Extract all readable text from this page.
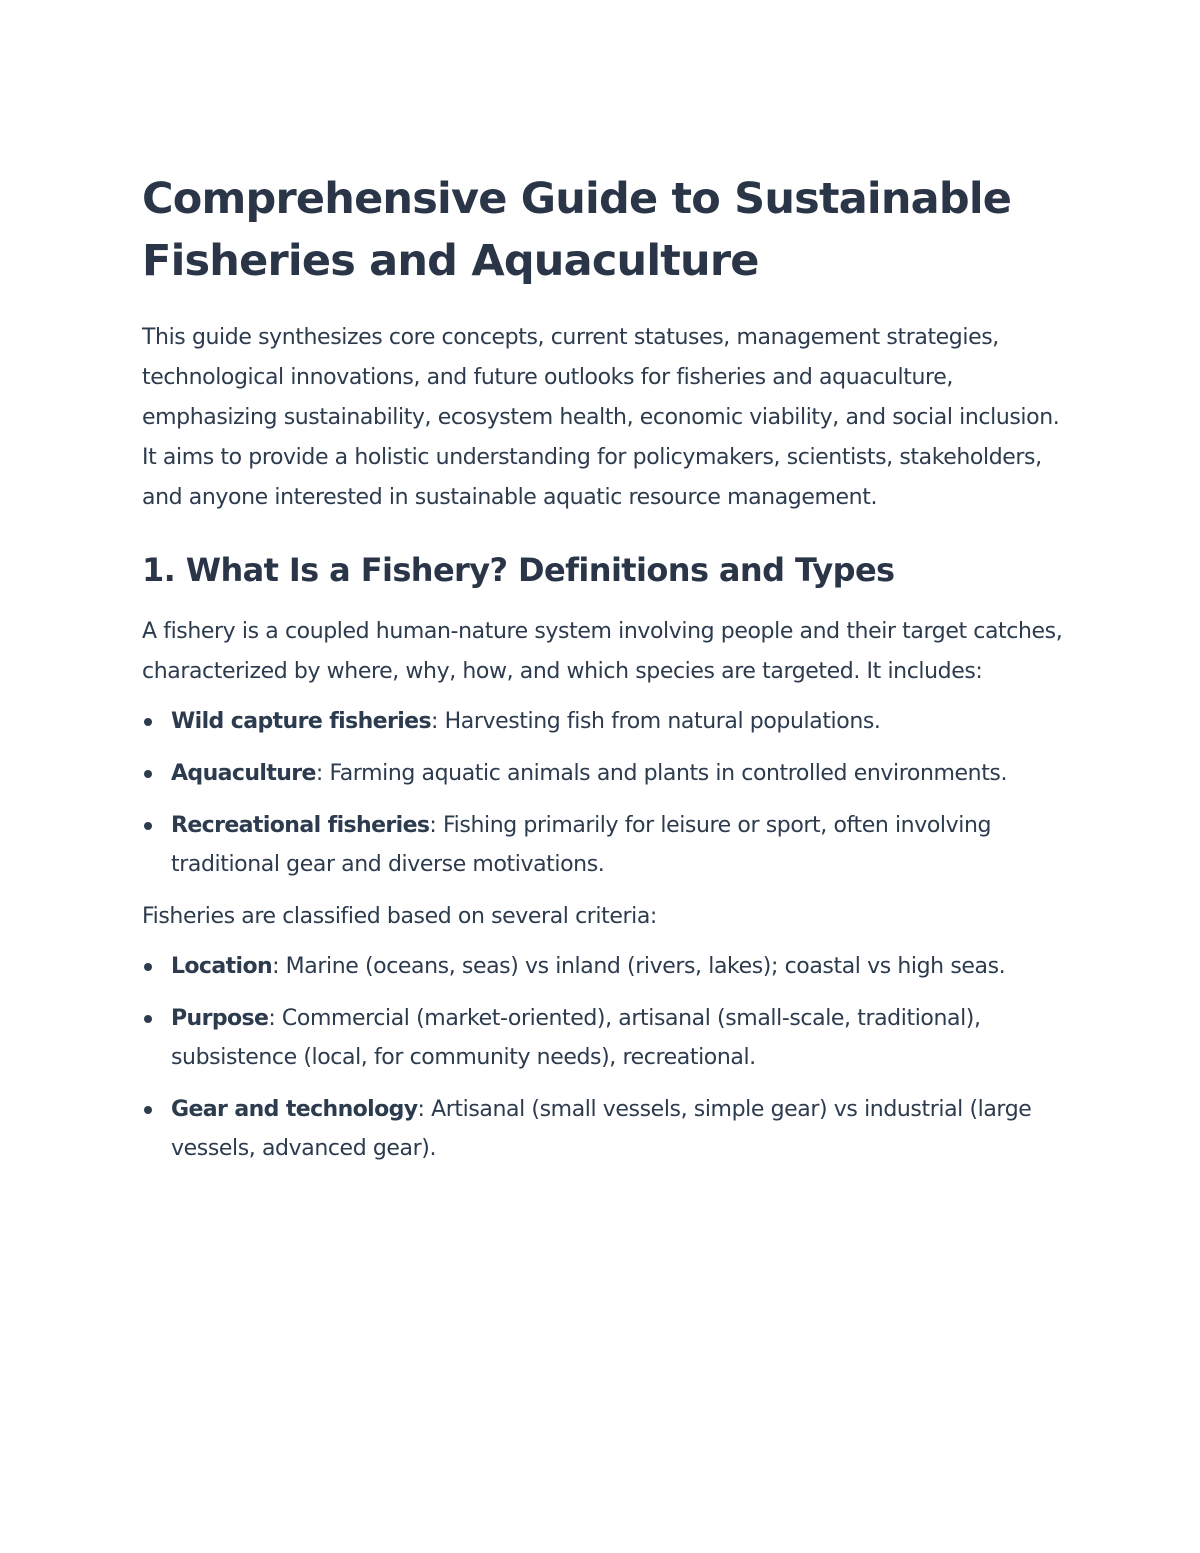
Comprehensive Guide to Sustainable Fisheries and Aquaculture

This guide synthesizes core concepts, current statuses, management strategies, technological innovations, and future outlooks for fisheries and aquaculture, emphasizing sustainability, ecosystem health, economic viability, and social inclusion. It aims to provide a holistic understanding for policymakers, scientists, stakeholders, and anyone interested in sustainable aquatic resource management.

1. What Is a Fishery? Definitions and Types

A fishery is a coupled human-nature system involving people and their target catches, characterized by where, why, how, and which species are targeted. It includes:

Wild capture fisheries: Harvesting fish from natural populations.
Aquaculture: Farming aquatic animals and plants in controlled environments.
Recreational fisheries: Fishing primarily for leisure or sport, often involving traditional gear and diverse motivations.

Fisheries are classified based on several criteria:

Location: Marine (oceans, seas) vs inland (rivers, lakes); coastal vs high seas.
Purpose: Commercial (market-oriented), artisanal (small-scale, traditional), subsistence (local, for community needs), recreational.
Gear and technology: Artisanal (small vessels, simple gear) vs industrial (large vessels, advanced gear).
